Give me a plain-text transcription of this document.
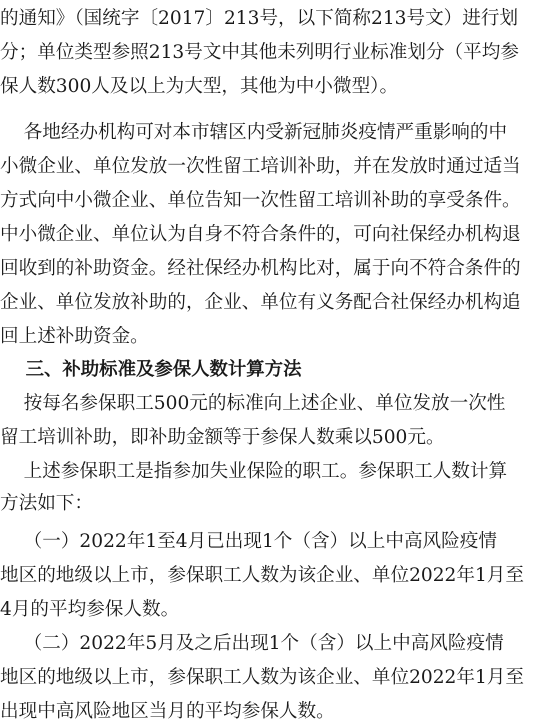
的通知》（国统字〔2017〕213号，以下简称213号文）进行划
分；单位类型参照213号文中其他未列明行业标准划分（平均参
保人数300人及以上为大型，其他为中小微型）。
各地经办机构可对本市辖区内受新冠肺炎疫情严重影响的中
小微企业、单位发放一次性留工培训补助，并在发放时通过适当
方式向中小微企业、单位告知一次性留工培训补助的享受条件。
中小微企业、单位认为自身不符合条件的，可向社保经办机构退
回收到的补助资金。经社保经办机构比对，属于向不符合条件的
企业、单位发放补助的，企业、单位有义务配合社保经办机构追
回上述补助资金。
三、补助标准及参保人数计算方法
按每名参保职工500元的标准向上述企业、单位发放一次性
留工培训补助，即补助金额等于参保人数乘以500元。
上述参保职工是指参加失业保险的职工。参保职工人数计算
方法如下：
（一）2022年1至4月已出现1个（含）以上中高风险疫情
地区的地级以上市，参保职工人数为该企业、单位2022年1月至
4月的平均参保人数。
（二）2022年5月及之后出现1个（含）以上中高风险疫情
地区的地级以上市，参保职工人数为该企业、单位2022年1月至
出现中高风险地区当月的平均参保人数。
